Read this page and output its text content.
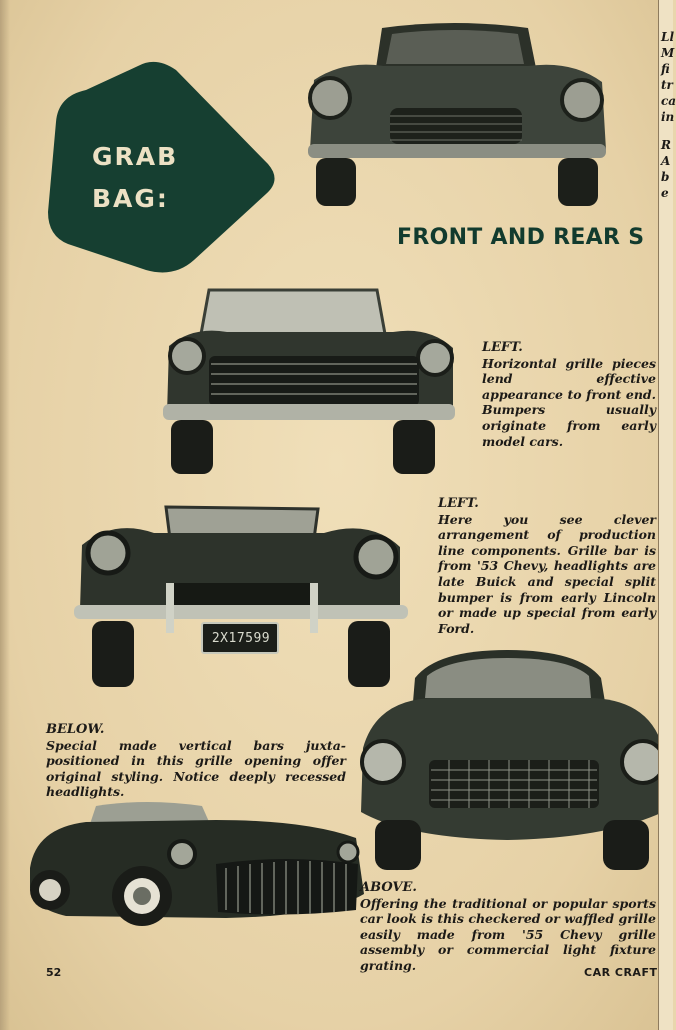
GRAB
BAG:
FRONT AND REAR S
LEFT.
Horizontal grille pieces lend effective appearance to front end. Bumpers usually originate from early model cars.
2X17599
LEFT.
Here you see clever arrangement of production line components. Grille bar is from '53 Chevy, headlights are late Buick and special split bumper is from early Lincoln or made up special from early Ford.
BELOW.
Special made vertical bars juxta-positioned in this grille opening offer original styling. Notice deeply recessed headlights.
ABOVE.
Offering the traditional or popular sports car look is this checkered or waffled grille easily made from '55 Chevy grille assembly or commercial light fixture grating.
52	CAR CRAFT
Ll
M
fi
tr
ca
in
R
A
b
e
